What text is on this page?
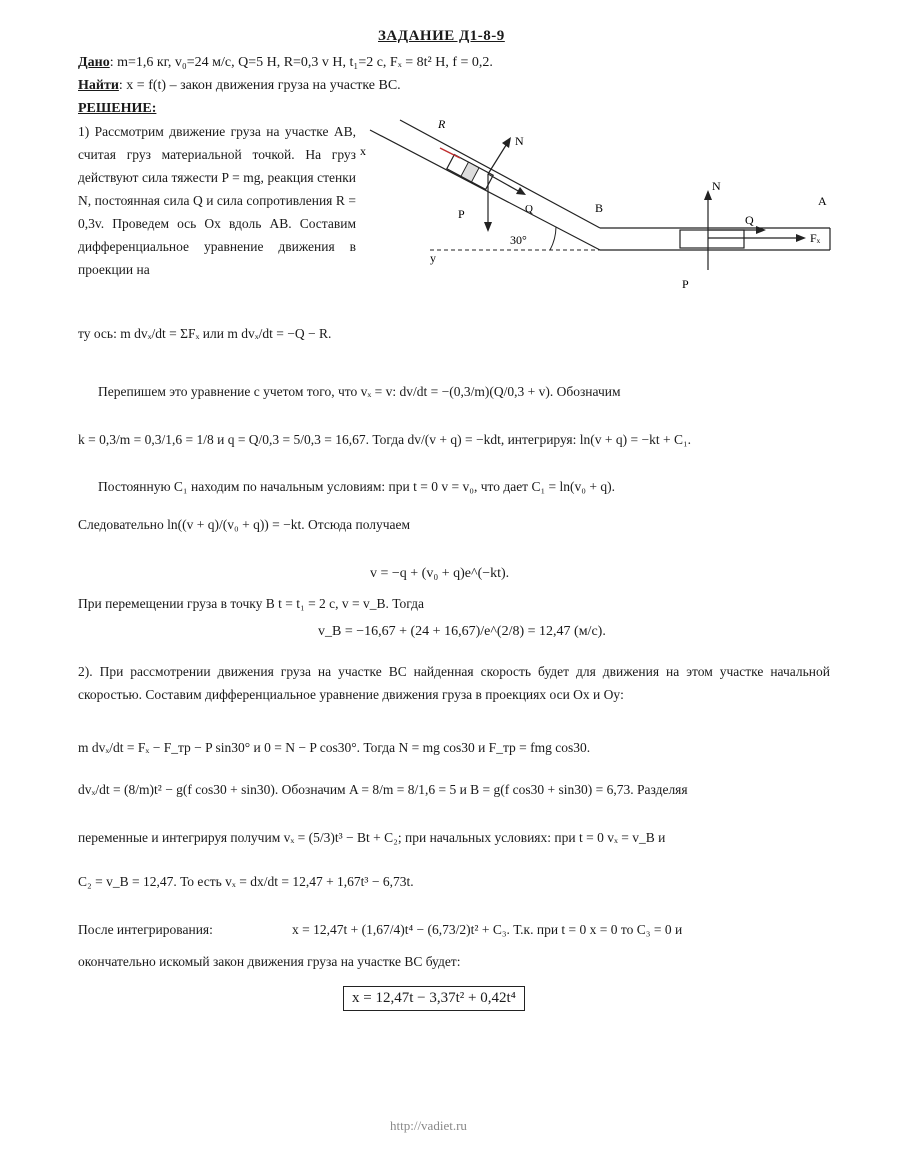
ЗАДАНИЕ Д1-8-9
Дано: m=1,6 кг, v₀=24 м/с, Q=5 Н, R=0,3 v Н, t₁=2 с, Fₓ = 8t² Н, f = 0,2.
Найти: x = f(t) – закон движения груза на участке BC.
РЕШЕНИЕ:
1) Рассмотрим движение груза на участке AB, считая груз материальной точкой. На груз действуют сила тяжести P = mg, реакция стенки N, постоянная сила Q и сила сопротивления R = 0,3v. Проведем ось Ox вдоль AB. Составим дифференциальное уравнение движения в проекции на
ту ось: m dvₓ/dt = ΣFₓ или m dvₓ/dt = −Q − R.
x
R
N
P	Q	B
30°
y
N
Q
Fₓ
A
P
Перепишем это уравнение с учетом того, что vₓ = v: dv/dt = −(0,3/m)(Q/0,3 + v). Обозначим
k = 0,3/m = 0,3/1,6 = 1/8 и q = Q/0,3 = 5/0,3 = 16,67. Тогда dv/(v + q) = −kdt, интегрируя: ln(v + q) = −kt + C₁.
Постоянную C₁ находим по начальным условиям: при t = 0 v = v₀, что дает C₁ = ln(v₀ + q).
Следовательно ln((v + q)/(v₀ + q)) = −kt. Отсюда получаем
v = −q + (v₀ + q)e^(−kt).
При перемещении груза в точку B t = t₁ = 2 с, v = v_B. Тогда
v_B = −16,67 + (24 + 16,67)/e^(2/8) = 12,47 (м/с).
2). При рассмотрении движения груза на участке BC найденная скорость будет для движения на этом участке начальной скоростью. Составим дифференциальное уравнение движения груза в проекциях оси Ox и Oy:
m dvₓ/dt = Fₓ − F_тр − P sin30° и 0 = N − P cos30°. Тогда N = mg cos30 и F_тр = fmg cos30.
dvₓ/dt = (8/m)t² − g(f cos30 + sin30). Обозначим A = 8/m = 8/1,6 = 5 и B = g(f cos30 + sin30) = 6,73. Разделяя
переменные и интегрируя получим vₓ = (5/3)t³ − Bt + C₂; при начальных условиях: при t = 0 vₓ = v_B и
C₂ = v_B = 12,47. То есть vₓ = dx/dt = 12,47 + 1,67t³ − 6,73t.
После интегрирования:	x = 12,47t + (1,67/4)t⁴ − (6,73/2)t² + C₃. Т.к. при t = 0 x = 0 то C₃ = 0 и
окончательно искомый закон движения груза на участке BC будет:
x = 12,47t − 3,37t² + 0,42t⁴
http://vadiet.ru
